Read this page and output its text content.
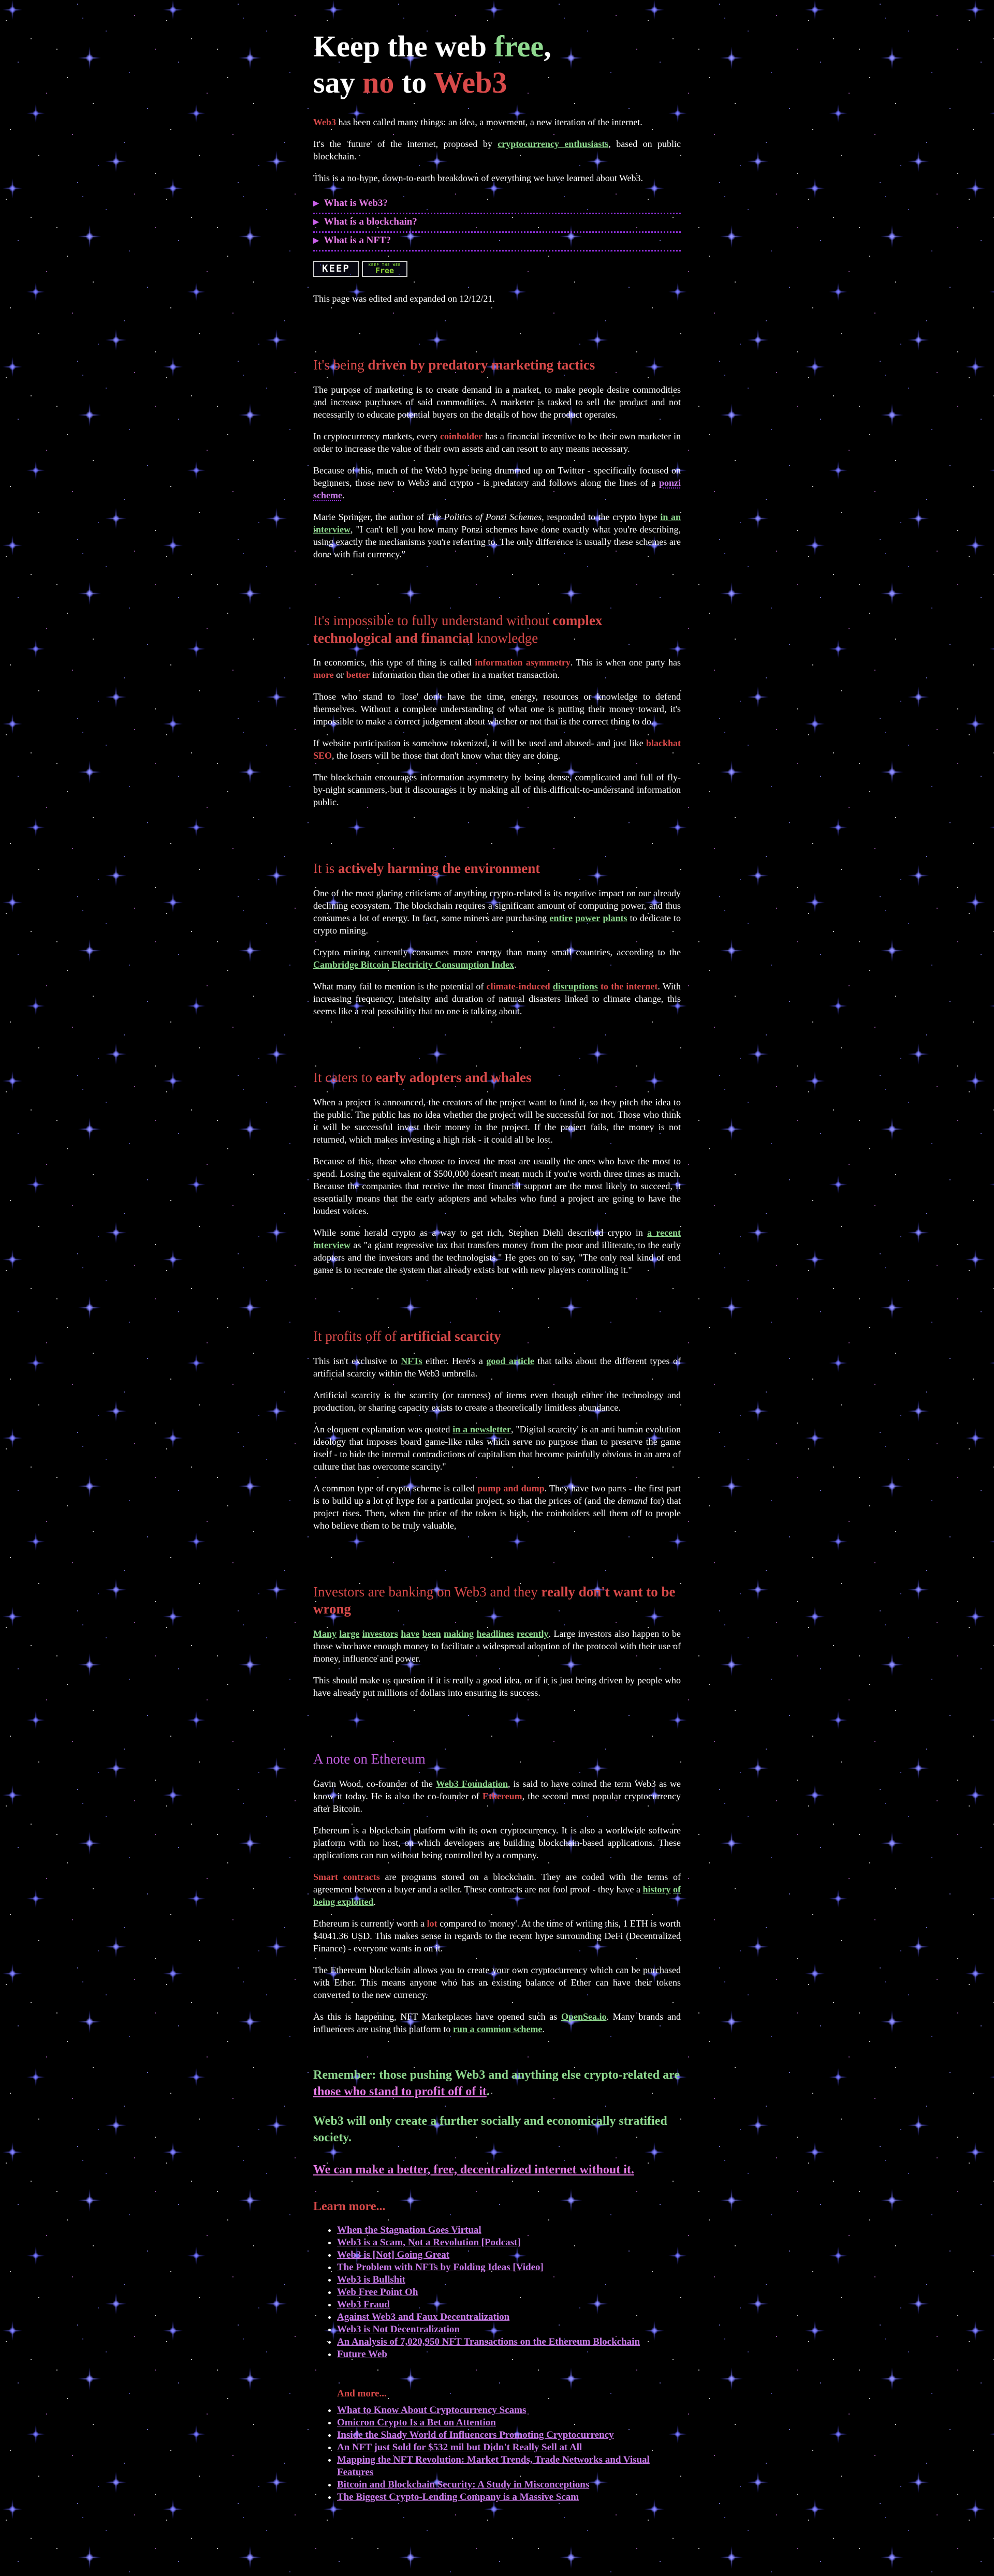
Keep the web free,
say no to Web3

Web3 has been called many things: an idea, a movement, a new iteration of the internet.

It's the 'future' of the internet, proposed by cryptocurrency enthusiasts, based on public blockchain.

This is a no-hype, down-to-earth breakdown of everything we have learned about Web3.

▶ What is Web3?
▶ What is a blockchain?
▶ What is a NFT?
KEEP	KEEP THE WEB
Free

This page was edited and expanded on 12/12/21.

It's being driven by predatory marketing tactics

The purpose of marketing is to create demand in a market, to make people desire commodities and increase purchases of said commodities. A marketer is tasked to sell the product and not necessarily to educate potential buyers on the details of how the product operates.

In cryptocurrency markets, every coinholder has a financial incentive to be their own marketer in order to increase the value of their own assets and can resort to any means necessary.

Because of this, much of the Web3 hype being drummed up on Twitter - specifically focused on beginners, those new to Web3 and crypto - is predatory and follows along the lines of a ponzi scheme.

Marie Springer, the author of The Politics of Ponzi Schemes, responded to the crypto hype in an interview, "I can't tell you how many Ponzi schemes have done exactly what you're describing, using exactly the mechanisms you're referring to. The only difference is usually these schemes are done with fiat currency."

It's impossible to fully understand without complex technological and financial knowledge

In economics, this type of thing is called information asymmetry. This is when one party has more or better information than the other in a market transaction.

Those who stand to 'lose' don't have the time, energy, resources or knowledge to defend themselves. Without a complete understanding of what one is putting their money toward, it's impossible to make a correct judgement about whether or not that is the correct thing to do.

If website participation is somehow tokenized, it will be used and abused- and just like blackhat SEO, the losers will be those that don't know what they are doing.

The blockchain encourages information asymmetry by being dense, complicated and full of fly-by-night scammers, but it discourages it by making all of this difficult-to-understand information public.

It is actively harming the environment

One of the most glaring criticisms of anything crypto-related is its negative impact on our already declining ecosystem. The blockchain requires a significant amount of computing power, and thus consumes a lot of energy. In fact, some miners are purchasing entire power plants to dedicate to crypto mining.

Crypto mining currently consumes more energy than many small countries, according to the Cambridge Bitcoin Electricity Consumption Index.

What many fail to mention is the potential of climate-induced disruptions to the internet. With increasing frequency, intensity and duration of natural disasters linked to climate change, this seems like a real possibility that no one is talking about.

It caters to early adopters and whales

When a project is announced, the creators of the project want to fund it, so they pitch the idea to the public. The public has no idea whether the project will be successful for not. Those who think it will be successful invest their money in the project. If the project fails, the money is not returned, which makes investing a high risk - it could all be lost.

Because of this, those who choose to invest the most are usually the ones who have the most to spend. Losing the equivalent of $500,000 doesn't mean much if you're worth three times as much. Because the companies that receive the most financial support are the most likely to succeed, it essentially means that the early adopters and whales who fund a project are going to have the loudest voices.

While some herald crypto as a way to get rich, Stephen Diehl described crypto in a recent interview as "a giant regressive tax that transfers money from the poor and illiterate, to the early adopters and the investors and the technologists." He goes on to say, "The only real kind of end game is to recreate the system that already exists but with new players controlling it."

It profits off of artificial scarcity

This isn't exclusive to NFTs either. Here's a good article that talks about the different types of artificial scarcity within the Web3 umbrella.

Artificial scarcity is the scarcity (or rareness) of items even though either the technology and production, or sharing capacity exists to create a theoretically limitless abundance.

An eloquent explanation was quoted in a newsletter, "Digital scarcity' is an anti human evolution ideology that imposes board game-like rules which serve no purpose than to preserve the game itself - to hide the internal contradictions of capitalism that become painfully obvious in an area of culture that has overcome scarcity."

A common type of crypto scheme is called pump and dump. They have two parts - the first part is to build up a lot of hype for a particular project, so that the prices of (and the demand for) that project rises. Then, when the price of the token is high, the coinholders sell them off to people who believe them to be truly valuable,

Investors are banking on Web3 and they really don't want to be wrong

Many large investors have been making headlines recently. Large investors also happen to be those who have enough money to facilitate a widespread adoption of the protocol with their use of money, influence and power.

This should make us question if it is really a good idea, or if it is just being driven by people who have already put millions of dollars into ensuring its success.

A note on Ethereum

Gavin Wood, co-founder of the Web3 Foundation, is said to have coined the term Web3 as we know it today. He is also the co-founder of Ethereum, the second most popular cryptocurrency after Bitcoin.

Ethereum is a blockchain platform with its own cryptocurrency. It is also a worldwide software platform with no host, on which developers are building blockchain-based applications. These applications can run without being controlled by a company.

Smart contracts are programs stored on a blockchain. They are coded with the terms of agreement between a buyer and a seller. These contracts are not fool proof - they have a history of being exploited.

Ethereum is currently worth a lot compared to 'money'. At the time of writing this, 1 ETH is worth $4041.36 USD. This makes sense in regards to the recent hype surrounding DeFi (Decentralized Finance) - everyone wants in on it.

The Ethereum blockchain allows you to create your own cryptocurrency which can be purchased with Ether. This means anyone who has an existing balance of Ether can have their tokens converted to the new currency.

As this is happening, NFT Marketplaces have opened such as OpenSea.io. Many brands and influencers are using this platform to run a common scheme.

Remember: those pushing Web3 and anything else crypto-related are those who stand to profit off of it.
Web3 will only create a further socially and economically stratified society.
We can make a better, free, decentralized internet without it.
Learn more...
• When the Stagnation Goes Virtual
• Web3 is a Scam, Not a Revolution [Podcast]
• Web3 is [Not] Going Great
• The Problem with NFTs by Folding Ideas [Video]
• Web3 is Bullshit
• Web Free Point Oh
• Web3 Fraud
• Against Web3 and Faux Decentralization
• Web3 is Not Decentralization
• An Analysis of 7,020,950 NFT Transactions on the Ethereum Blockchain
• Future Web

And more...

• What to Know About Cryptocurrency Scams
• Omicron Crypto Is a Bet on Attention
• Inside the Shady World of Influencers Promoting Cryptocurrency
• An NFT just Sold for $532 mil but Didn't Really Sell at All
• Mapping the NFT Revolution: Market Trends, Trade Networks and Visual Features
• Bitcoin and Blockchain Security: A Study in Misconceptions
• The Biggest Crypto-Lending Company is a Massive Scam
